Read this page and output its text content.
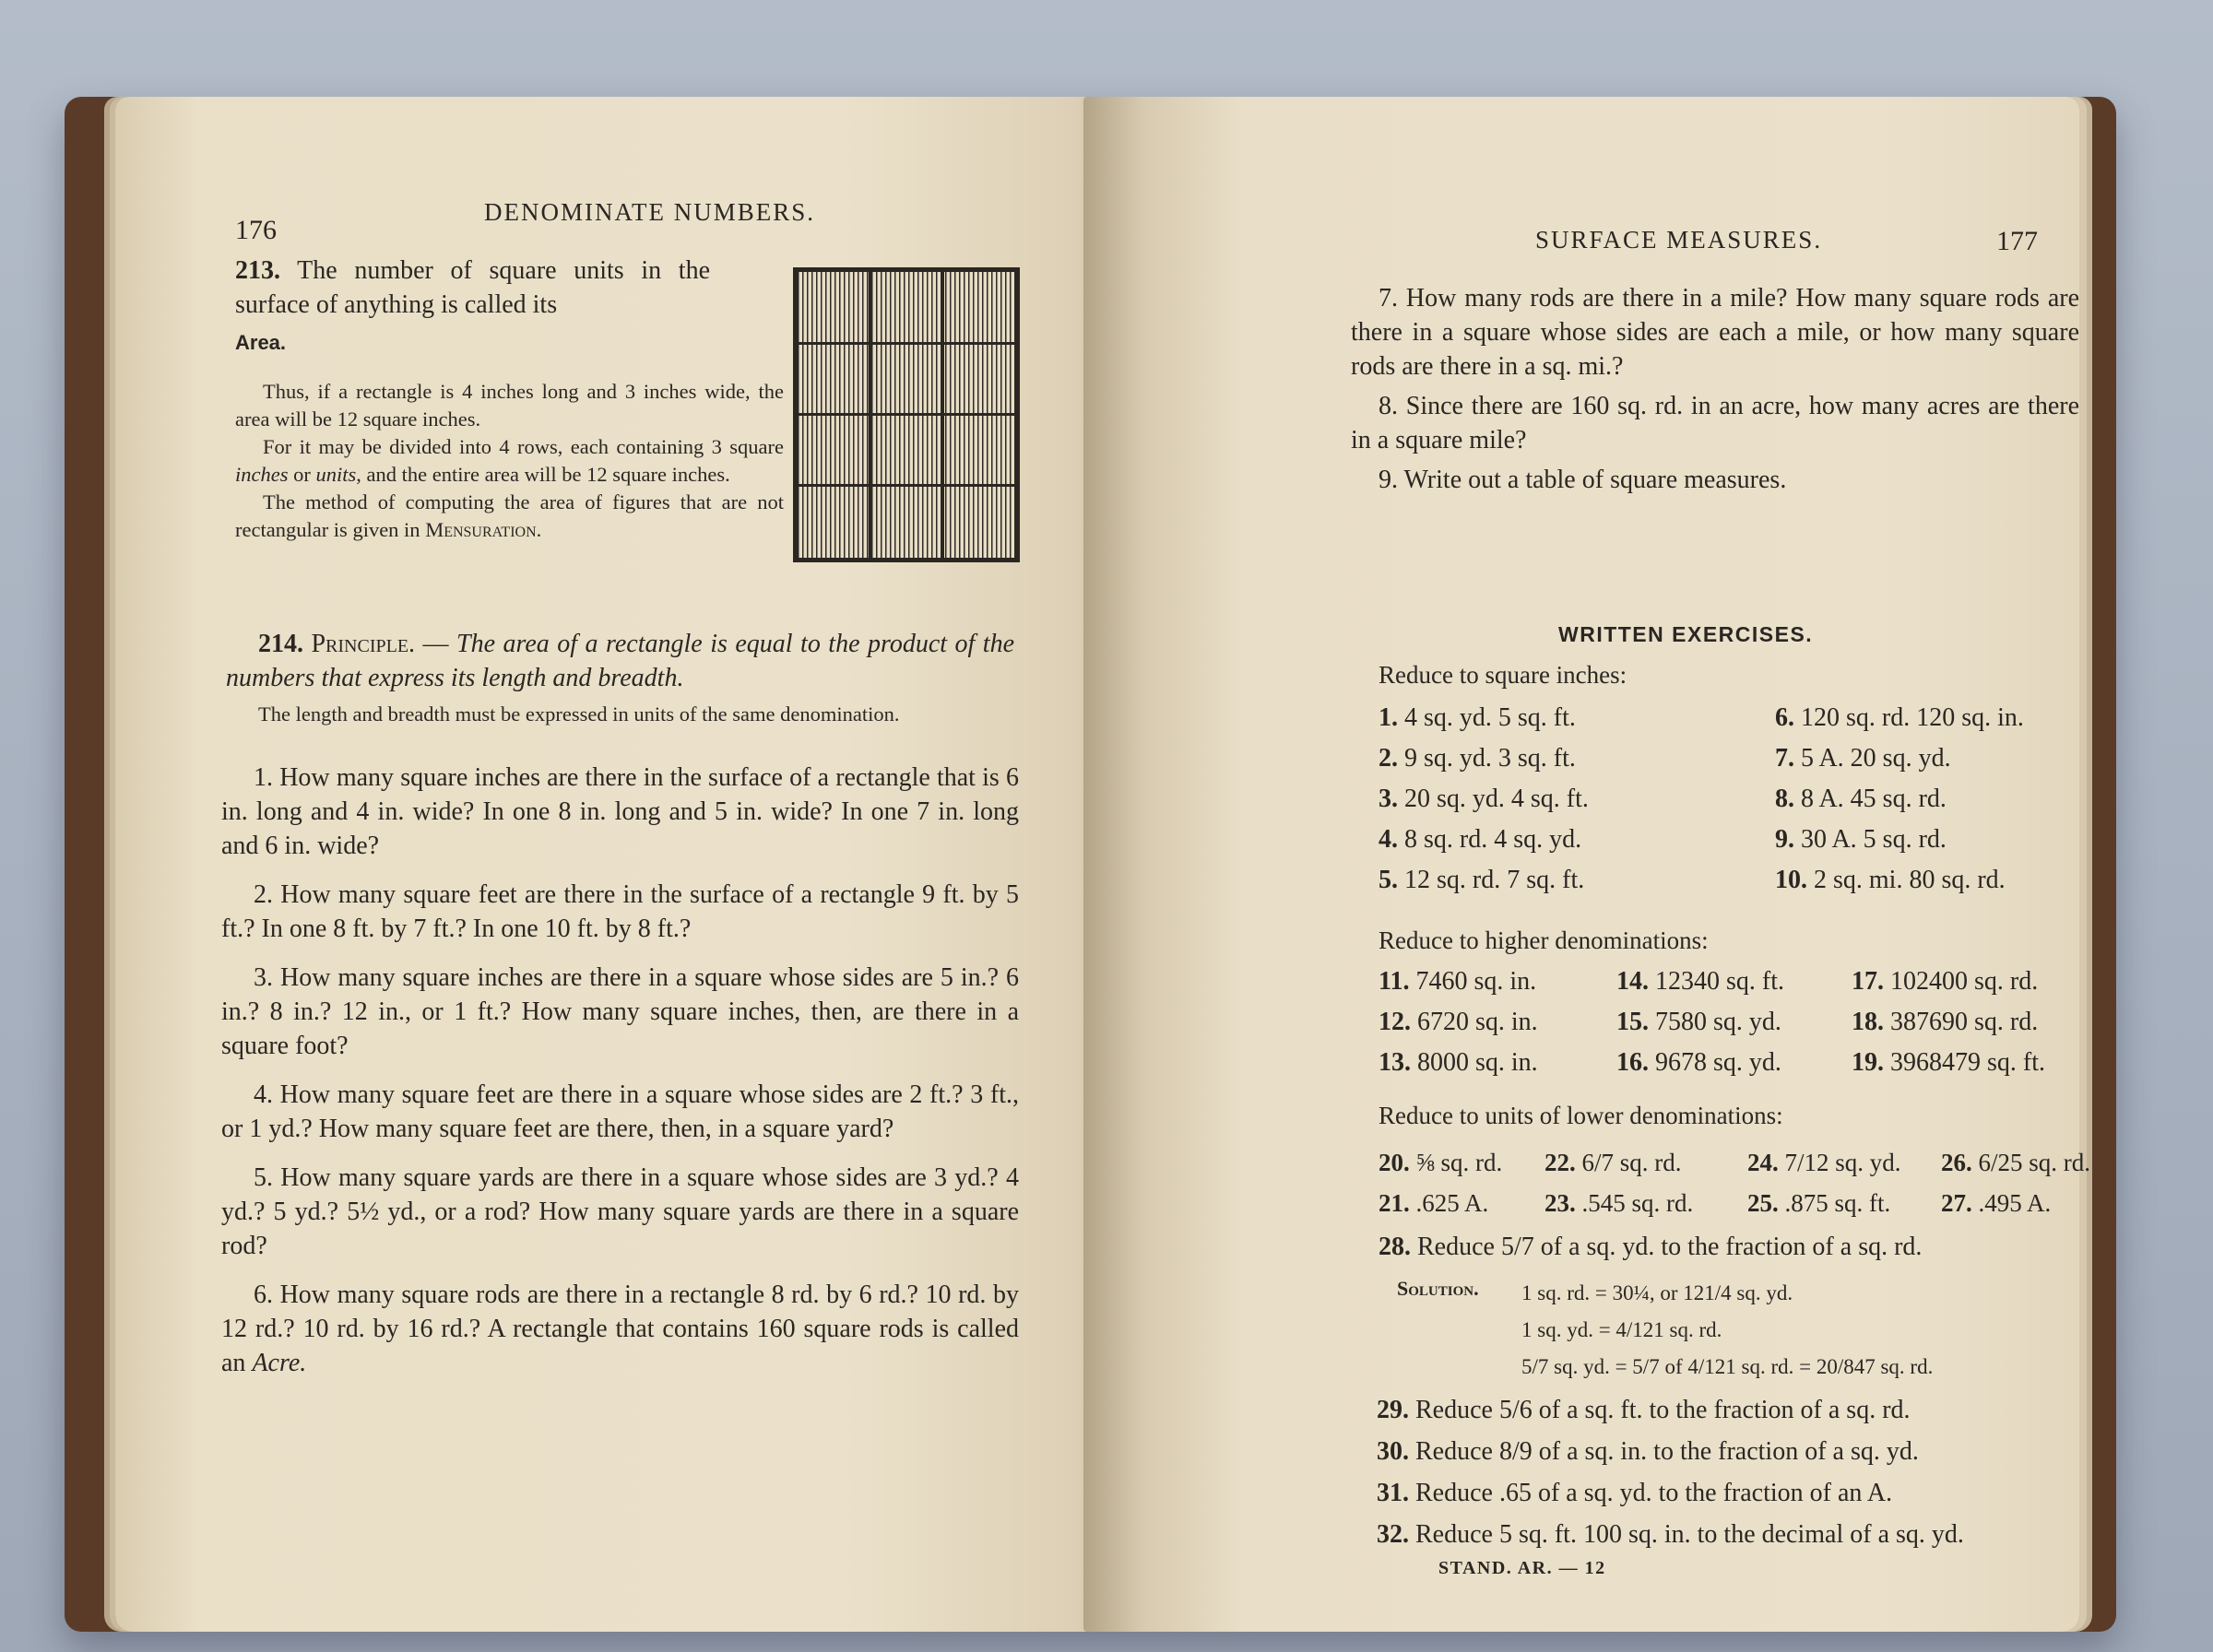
176
DENOMINATE NUMBERS.
213. The number of square units in the surface of anything is called its
Area.
Thus, if a rectangle is 4 inches long and 3 inches wide, the area will be 12 square inches.
For it may be divided into 4 rows, each containing 3 square inches or units, and the entire area will be 12 square inches.
The method of computing the area of figures that are not rectangular is given in Mensuration.
214. Principle. — The area of a rectangle is equal to the product of the numbers that express its length and breadth.
The length and breadth must be expressed in units of the same denomination.
1. How many square inches are there in the surface of a rectangle that is 6 in. long and 4 in. wide? In one 8 in. long and 5 in. wide? In one 7 in. long and 6 in. wide?
2. How many square feet are there in the surface of a rectangle 9 ft. by 5 ft.? In one 8 ft. by 7 ft.? In one 10 ft. by 8 ft.?
3. How many square inches are there in a square whose sides are 5 in.? 6 in.? 8 in.? 12 in., or 1 ft.? How many square inches, then, are there in a square foot?
4. How many square feet are there in a square whose sides are 2 ft.? 3 ft., or 1 yd.? How many square feet are there, then, in a square yard?
5. How many square yards are there in a square whose sides are 3 yd.? 4 yd.? 5 yd.? 5½ yd., or a rod? How many square yards are there in a square rod?
6. How many square rods are there in a rectangle 8 rd. by 6 rd.? 10 rd. by 12 rd.? 10 rd. by 16 rd.? A rectangle that contains 160 square rods is called an Acre.
SURFACE MEASURES.	177
7. How many rods are there in a mile? How many square rods are there in a square whose sides are each a mile, or how many square rods are there in a sq. mi.?
8. Since there are 160 sq. rd. in an acre, how many acres are there in a square mile?
9. Write out a table of square measures.
WRITTEN EXERCISES.
Reduce to square inches:
1. 4 sq. yd. 5 sq. ft.	6. 120 sq. rd. 120 sq. in.
2. 9 sq. yd. 3 sq. ft.	7. 5 A. 20 sq. yd.
3. 20 sq. yd. 4 sq. ft.	8. 8 A. 45 sq. rd.
4. 8 sq. rd. 4 sq. yd.	9. 30 A. 5 sq. rd.
5. 12 sq. rd. 7 sq. ft.	10. 2 sq. mi. 80 sq. rd.
Reduce to higher denominations:
11. 7460 sq. in.	14. 12340 sq. ft.	17. 102400 sq. rd.
12. 6720 sq. in.	15. 7580 sq. yd.	18. 387690 sq. rd.
13. 8000 sq. in.	16. 9678 sq. yd.	19. 3968479 sq. ft.
Reduce to units of lower denominations:
20. ⅝ sq. rd.	22. 6/7 sq. rd.	24. 7/12 sq. yd.	26. 6/25 sq. rd.
21. .625 A.	23. .545 sq. rd.	25. .875 sq. ft.	27. .495 A.
28. Reduce 5/7 of a sq. yd. to the fraction of a sq. rd.
Solution. 1 sq. rd. = 30¼, or 121/4 sq. yd.
1 sq. yd. = 4/121 sq. rd.
5/7 sq. yd. = 5/7 of 4/121 sq. rd. = 20/847 sq. rd.
29. Reduce 5/6 of a sq. ft. to the fraction of a sq. rd.
30. Reduce 8/9 of a sq. in. to the fraction of a sq. yd.
31. Reduce .65 of a sq. yd. to the fraction of an A.
32. Reduce 5 sq. ft. 100 sq. in. to the decimal of a sq. yd.
STAND. AR. — 12
